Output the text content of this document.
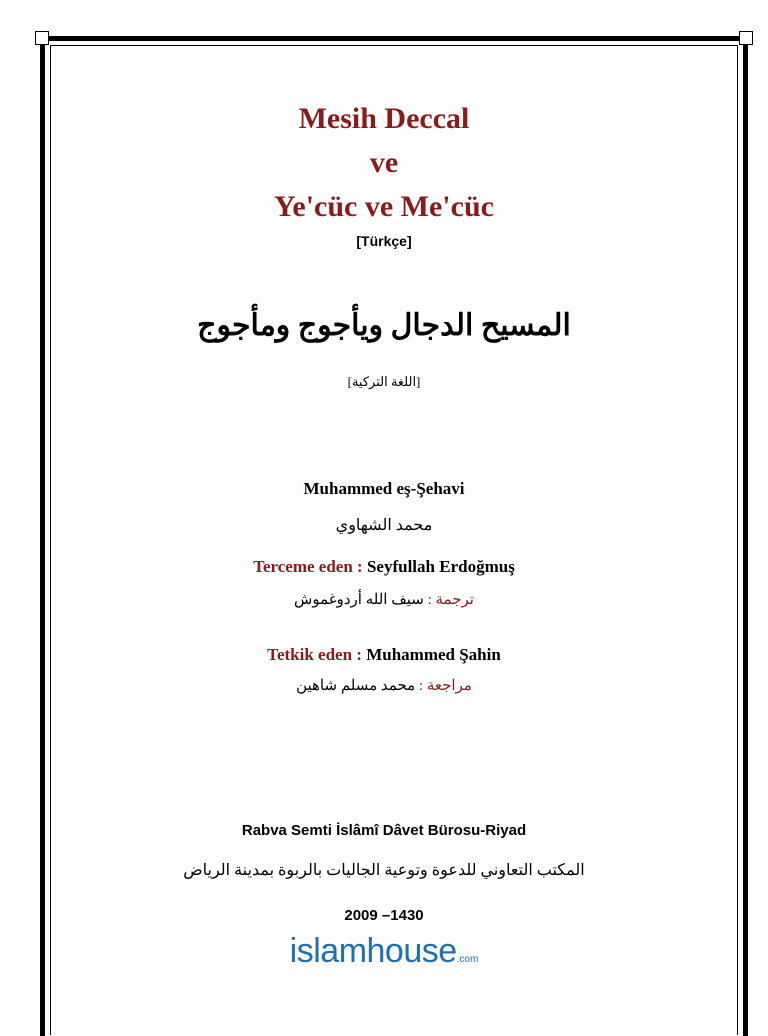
Mesih Deccal
ve
Ye'cüc ve Me'cüc
[Türkçe]
المسيح الدجال ويأجوج ومأجوج
[اللغة التركية]
Muhammed eş-Şehavi
محمد الشهاوي
Terceme eden : Seyfullah Erdoğmuş
ترجمة : سيف الله أردوغموش
Tetkik eden : Muhammed Şahin
مراجعة : محمد مسلم شاهين
Rabva Semti İslâmî Dâvet Bürosu-Riyad
المكتب التعاوني للدعوة وتوعية الجاليات بالربوة بمدينة الرياض
2009 –1430
islamhouse.com
